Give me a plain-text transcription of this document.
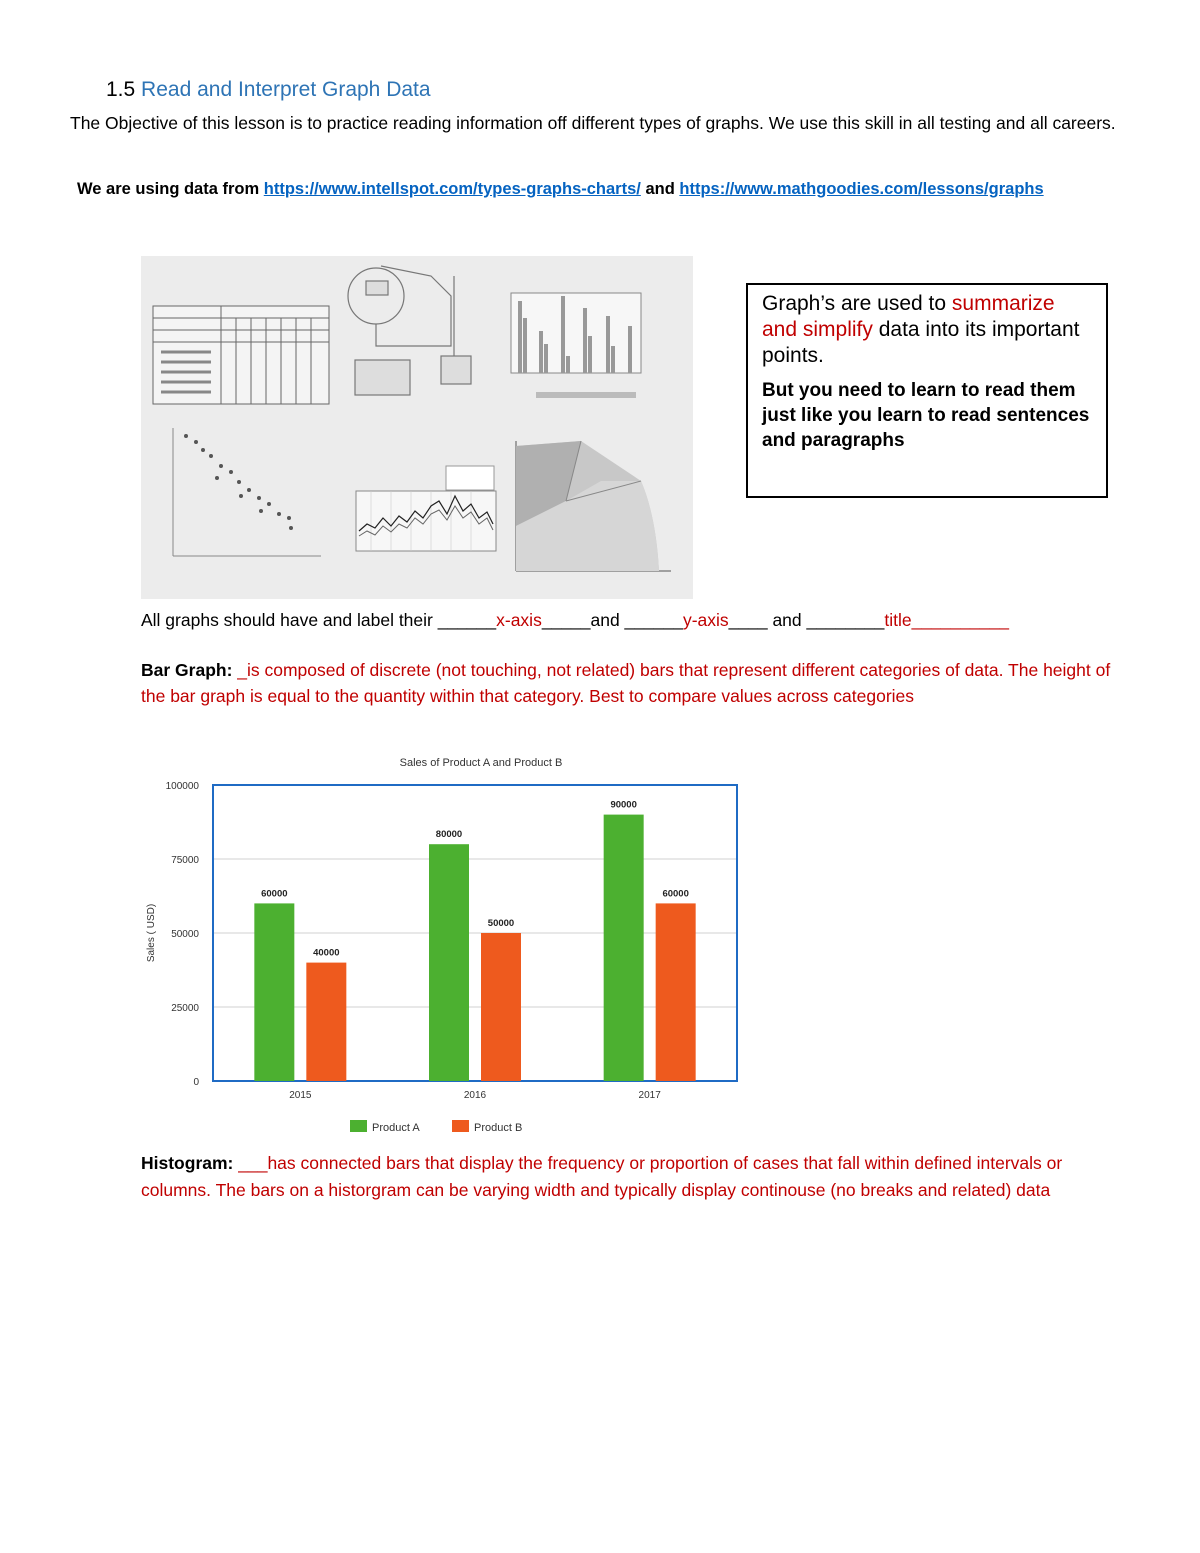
1.5 Read and Interpret Graph Data
The Objective of this lesson is to practice reading information off different types of graphs. We use this skill in all testing and all careers.
We are using data from https://www.intellspot.com/types-graphs-charts/ and https://www.mathgoodies.com/lessons/graphs
Graph’s are used to summarize and simplify data into its important points.
But you need to learn to read them just like you learn to read sentences and paragraphs
All graphs should have and label their ______x-axis_____and ______y-axis____ and ________title__________
Bar Graph: _is composed of discrete (not touching, not related) bars that represent different categories of data. The height of the bar graph is equal to the quantity within that category. Best to compare values across categories
Sales of Product A and Product B
0
25000
50000
75000
100000
Sales ( USD)
60000
40000
2015
80000
50000
2016
90000
60000
2017
Product A	Product B
Histogram: ___has connected bars that display the frequency or proportion of cases that fall within defined intervals or columns. The bars on a historgram can be varying width and typically display continouse (no breaks and related) data
